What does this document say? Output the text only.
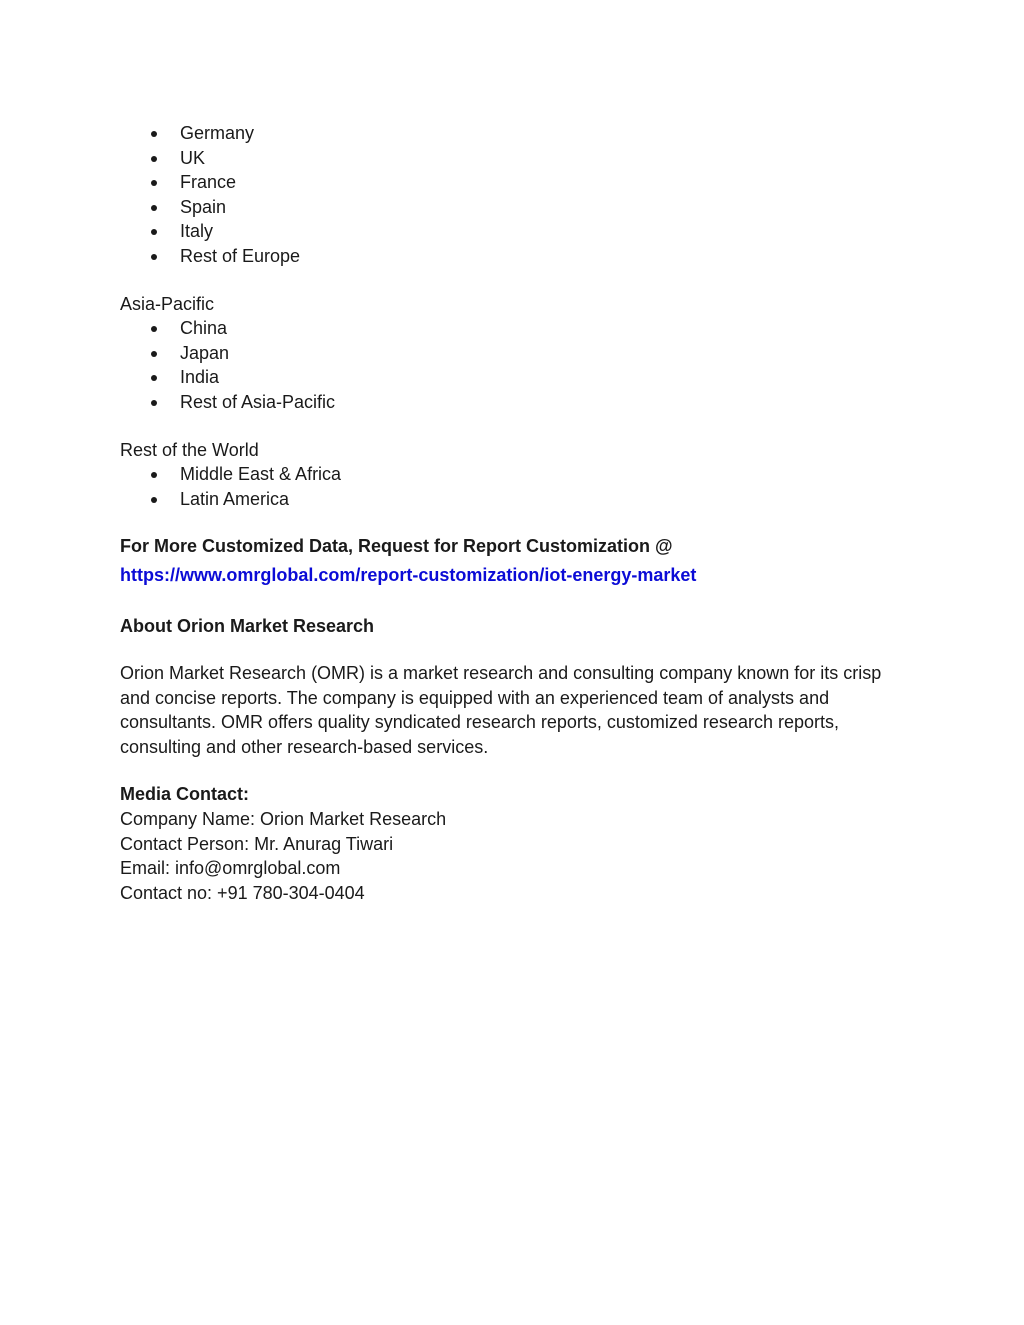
Germany
UK
France
Spain
Italy
Rest of Europe

Asia-Pacific

China
Japan
India
Rest of Asia-Pacific

Rest of the World

Middle East & Africa
Latin America
For More Customized Data, Request for Report Customization @
https://www.omrglobal.com/report-customization/iot-energy-market
About Orion Market Research
Orion Market Research (OMR) is a market research and consulting company known for its crisp and concise reports. The company is equipped with an experienced team of analysts and consultants. OMR offers quality syndicated research reports, customized research reports, consulting and other research-based services.
Media Contact:
Company Name: Orion Market Research
Contact Person: Mr. Anurag Tiwari
Email: info@omrglobal.com
Contact no: +91 780-304-0404
